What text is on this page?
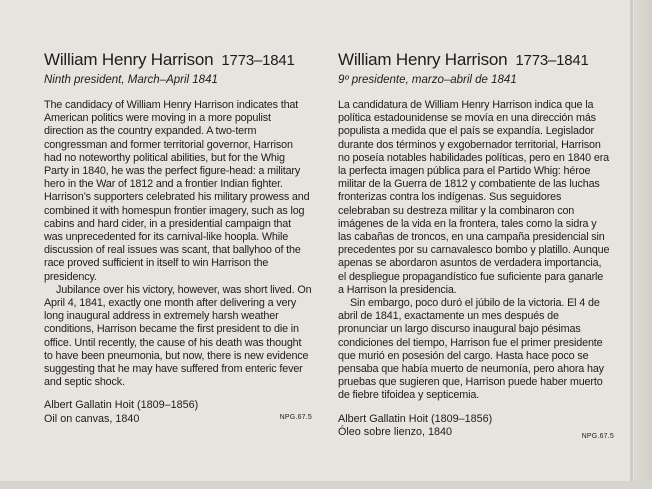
William Henry Harrison 1773–1841
Ninth president, March–April 1841

The candidacy of William Henry Harrison indicates that American politics were moving in a more populist direction as the country expanded. A two-term congressman and former territorial governor, Harrison had no noteworthy political abilities, but for the Whig Party in 1840, he was the perfect figure-head: a military hero in the War of 1812 and a frontier Indian fighter. Harrison’s supporters celebrated his military prowess and combined it with homespun frontier imagery, such as log cabins and hard cider, in a presidential campaign that was unprecedented for its carnival-like hoopla. While discussion of real issues was scant, that ballyhoo of the race proved sufficient in itself to win Harrison the presidency.

Jubilance over his victory, however, was short lived. On April 4, 1841, exactly one month after delivering a very long inaugural address in extremely harsh weather conditions, Harrison became the first president to die in office. Until recently, the cause of his death was thought to have been pneumonia, but now, there is new evidence suggesting that he may have suffered from enteric fever and septic shock.

Albert Gallatin Hoit (1809–1856)
Oil on canvas, 1840	NPG.67.5
William Henry Harrison 1773–1841
9º presidente, marzo–abril de 1841

La candidatura de William Henry Harrison indica que la política estadounidense se movía en una dirección más populista a medida que el país se expandía. Legislador durante dos términos y exgobernador territorial, Harrison no poseía notables habilidades políticas, pero en 1840 era la perfecta imagen pública para el Partido Whig: héroe militar de la Guerra de 1812 y combatiente de las luchas fronterizas contra los indígenas. Sus seguidores celebraban su destreza militar y la combinaron con imágenes de la vida en la frontera, tales como la sidra y las cabañas de troncos, en una campaña presidencial sin precedentes por su carnavalesco bombo y platillo. Aunque apenas se abordaron asuntos de verdadera importancia, el despliegue propagandístico fue suficiente para ganarle a Harrison la presidencia.

Sin embargo, poco duró el júbilo de la victoria. El 4 de abril de 1841, exactamente un mes después de pronunciar un largo discurso inaugural bajo pésimas condiciones del tiempo, Harrison fue el primer presidente que murió en posesión del cargo. Hasta hace poco se pensaba que había muerto de neumonía, pero ahora hay pruebas que sugieren que, Harrison puede haber muerto de fiebre tifoidea y septicemia.

Albert Gallatin Hoit (1809–1856)
Óleo sobre lienzo, 1840	NPG.67.5
